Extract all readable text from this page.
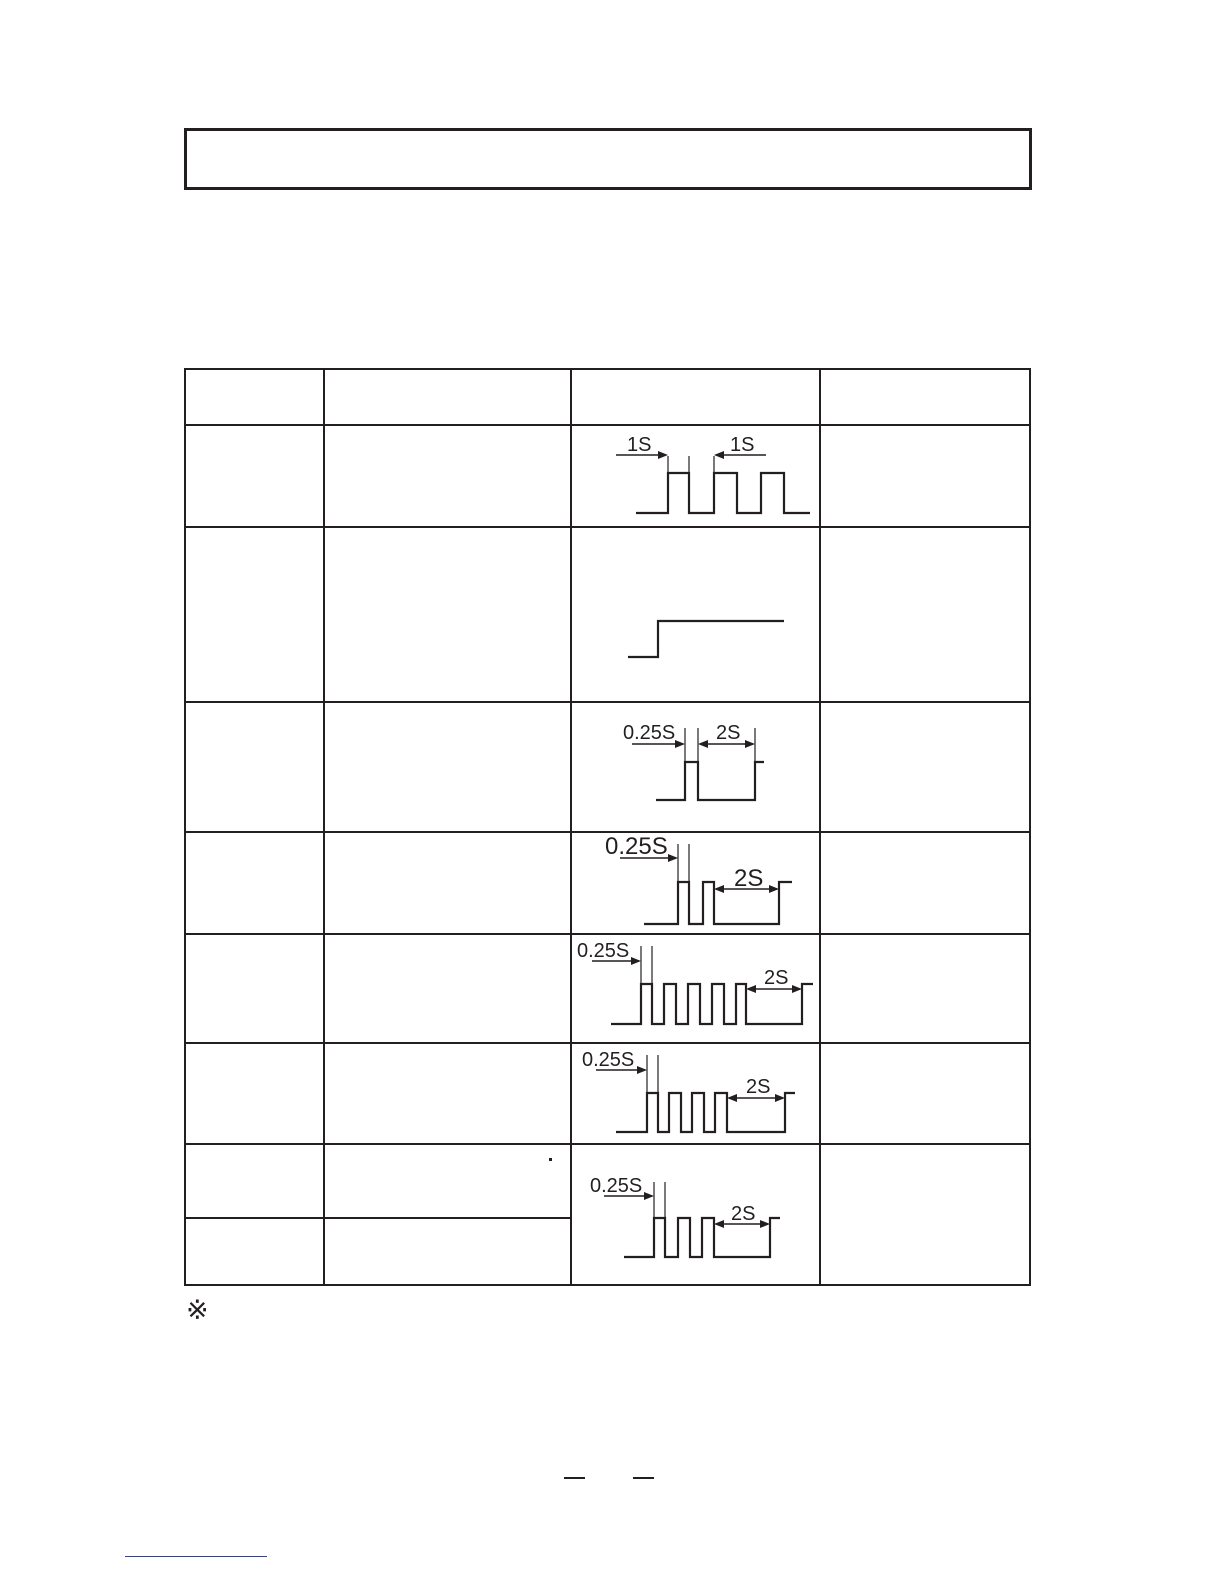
1S	1S
0.25S 2S
0.25S
2S
0.25S
2S
0.25S
2S
0.25S
2S
※
